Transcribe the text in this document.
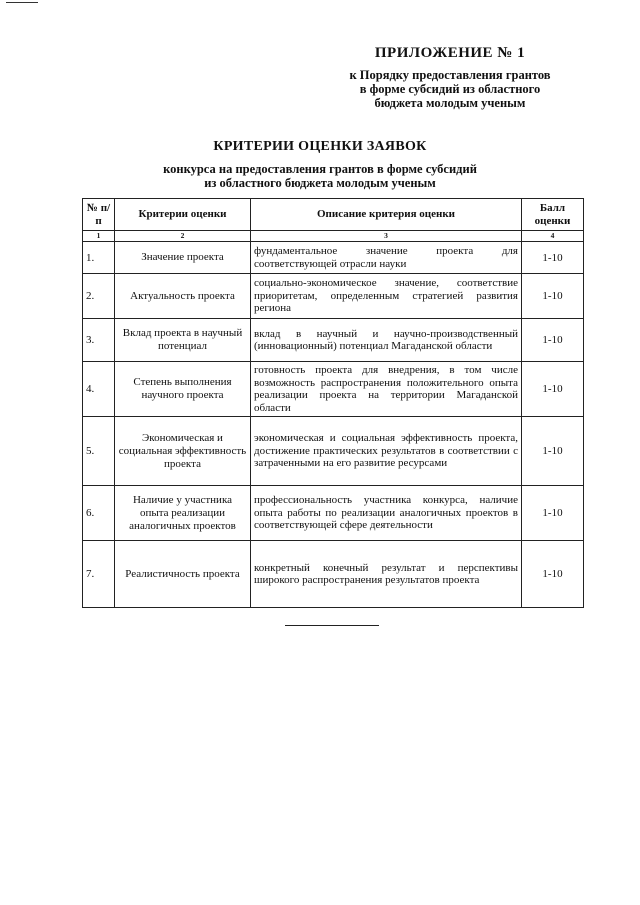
ПРИЛОЖЕНИЕ № 1
к Порядку предоставления грантов
в форме субсидий из областного
бюджета молодым ученым
КРИТЕРИИ ОЦЕНКИ ЗАЯВОК
конкурса на предоставления грантов в форме субсидий
из областного бюджета молодым ученым
№ п/п	Критерии оценки	Описание критерия оценки	Балл оценки
1	2	3	4
1.	Значение проекта	фундаментальное значение проекта для соответствующей отрасли науки	1-10
2.	Актуальность проекта	социально-экономическое значение, соответствие приоритетам, определенным стратегией развития региона	1-10
3.	Вклад проекта в научный потенциал	вклад в научный и научно-производственный (инновационный) потенциал Магаданской области	1-10
4.	Степень выполнения научного проекта	готовность проекта для внедрения, в том числе возможность распространения положительного опыта реализации проекта на территории Магаданской области	1-10
5.	Экономическая и социальная эффективность проекта	экономическая и социальная эффективность проекта, достижение практических результатов в соответствии с затраченными на его развитие ресурсами	1-10
6.	Наличие у участника опыта реализации аналогичных проектов	профессиональность участника конкурса, наличие опыта работы по реализации аналогичных проектов в соответствующей сфере деятельности	1-10
7.	Реалистичность проекта	конкретный конечный результат и перспективы широкого распространения результатов проекта	1-10
